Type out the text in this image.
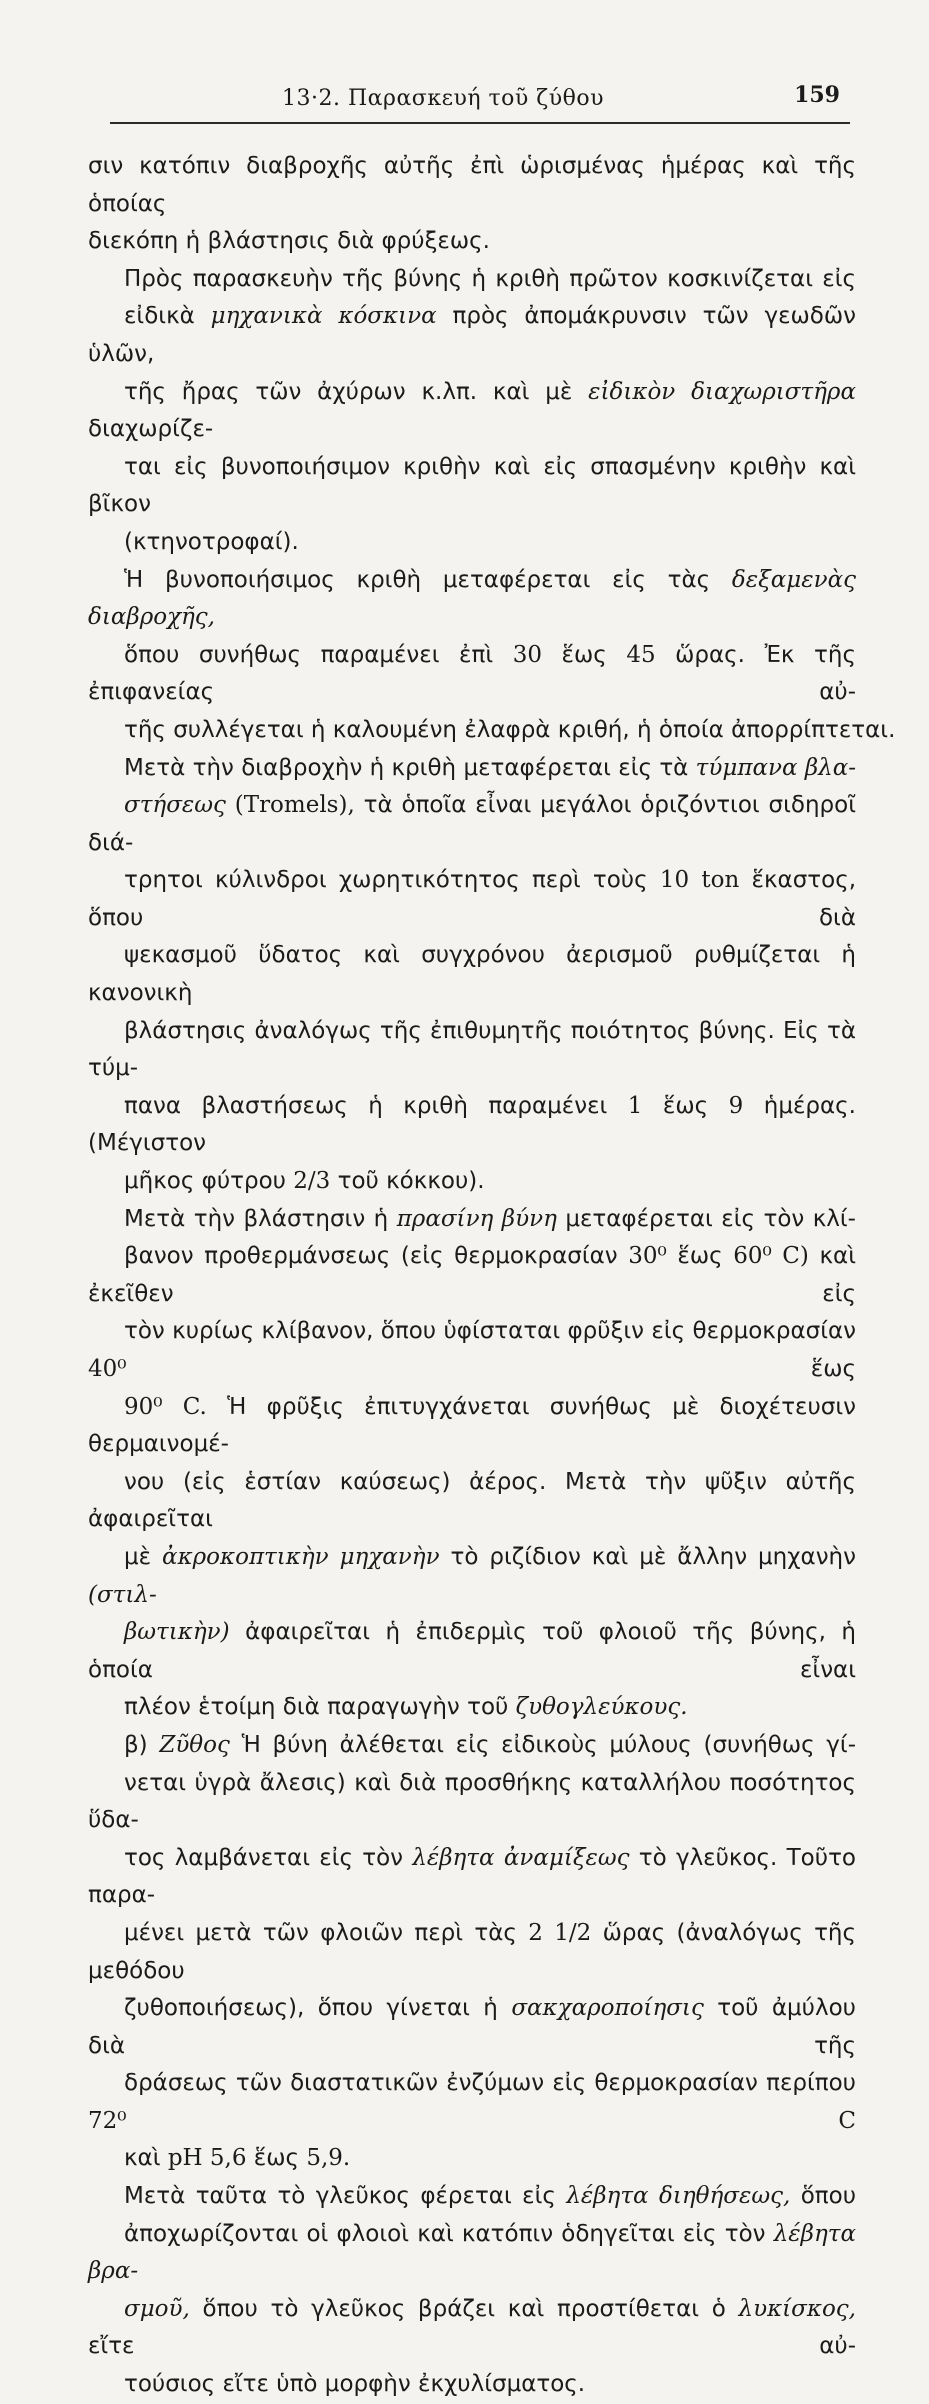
13·2. Παρασκευή τοῦ ζύθου	159

σιν κατόπιν διαβροχῆς αὐτῆς ἐπὶ ὡρισμένας ἡμέρας καὶ τῆς ὁποίας
διεκόπη ἡ βλάστησις διὰ φρύξεως.

Πρὸς παρασκευὴν τῆς βύνης ἡ κριθὴ πρῶτον κοσκινίζεται εἰς
εἰδικὰ μηχανικὰ κόσκινα πρὸς ἀπομάκρυνσιν τῶν γεωδῶν ὑλῶν,
τῆς ἤρας τῶν ἀχύρων κ.λπ. καὶ μὲ εἰδικὸν διαχωριστῆρα διαχωρίζε-
ται εἰς βυνοποιήσιμον κριθὴν καὶ εἰς σπασμένην κριθὴν καὶ βῖκον
(κτηνοτροφαί).

Ἡ βυνοποιήσιμος κριθὴ μεταφέρεται εἰς τὰς δεξαμενὰς διαβροχῆς,
ὅπου συνήθως παραμένει ἐπὶ 30 ἕως 45 ὥρας. Ἐκ τῆς ἐπιφανείας αὐ-
τῆς συλλέγεται ἡ καλουμένη ἐλαφρὰ κριθή, ἡ ὁποία ἀπορρίπτεται.

Μετὰ τὴν διαβροχὴν ἡ κριθὴ μεταφέρεται εἰς τὰ τύμπανα βλα-
στήσεως (Tromels), τὰ ὁποῖα εἶναι μεγάλοι ὁριζόντιοι σιδηροῖ διά-
τρητοι κύλινδροι χωρητικότητος περὶ τοὺς 10 ton ἕκαστος, ὅπου διὰ
ψεκασμοῦ ὕδατος καὶ συγχρόνου ἀερισμοῦ ρυθμίζεται ἡ κανονικὴ
βλάστησις ἀναλόγως τῆς ἐπιθυμητῆς ποιότητος βύνης. Εἰς τὰ τύμ-
πανα βλαστήσεως ἡ κριθὴ παραμένει 1 ἕως 9 ἡμέρας. (Μέγιστον
μῆκος φύτρου 2/3 τοῦ κόκκου).

Μετὰ τὴν βλάστησιν ἡ πρασίνη βύνη μεταφέρεται εἰς τὸν κλί-
βανον προθερμάνσεως (εἰς θερμοκρασίαν 30⁰ ἕως 60⁰ C) καὶ ἐκεῖθεν εἰς
τὸν κυρίως κλίβανον, ὅπου ὑφίσταται φρῦξιν εἰς θερμοκρασίαν 40⁰ ἕως
90⁰ C. Ἡ φρῦξις ἐπιτυγχάνεται συνήθως μὲ διοχέτευσιν θερμαινομέ-
νου (εἰς ἑστίαν καύσεως) ἀέρος. Μετὰ τὴν ψῦξιν αὐτῆς ἀφαιρεῖται
μὲ ἀκροκοπτικὴν μηχανὴν τὸ ριζίδιον καὶ μὲ ἄλλην μηχανὴν (στιλ-
βωτικὴν) ἀφαιρεῖται ἡ ἐπιδερμὶς τοῦ φλοιοῦ τῆς βύνης, ἡ ὁποία εἶναι
πλέον ἑτοίμη διὰ παραγωγὴν τοῦ ζυθογλεύκους.

β) Ζῦθος Ἡ βύνη ἀλέθεται εἰς εἰδικοὺς μύλους (συνήθως γί-
νεται ὑγρὰ ἄλεσις) καὶ διὰ προσθήκης καταλλήλου ποσότητος ὕδα-
τος λαμβάνεται εἰς τὸν λέβητα ἀναμίξεως τὸ γλεῦκος. Τοῦτο παρα-
μένει μετὰ τῶν φλοιῶν περὶ τὰς 2 1/2 ὥρας (ἀναλόγως τῆς μεθόδου
ζυθοποιήσεως), ὅπου γίνεται ἡ σακχαροποίησις τοῦ ἀμύλου διὰ τῆς
δράσεως τῶν διαστατικῶν ἐνζύμων εἰς θερμοκρασίαν περίπου 72⁰ C
καὶ pH 5,6 ἕως 5,9.

Μετὰ ταῦτα τὸ γλεῦκος φέρεται εἰς λέβητα διηθήσεως, ὅπου
ἀποχωρίζονται οἱ φλοιοὶ καὶ κατόπιν ὁδηγεῖται εἰς τὸν λέβητα βρα-
σμοῦ, ὅπου τὸ γλεῦκος βράζει καὶ προστίθεται ὁ λυκίσκος, εἴτε αὐ-
τούσιος εἴτε ὑπὸ μορφὴν ἐκχυλίσματος.
